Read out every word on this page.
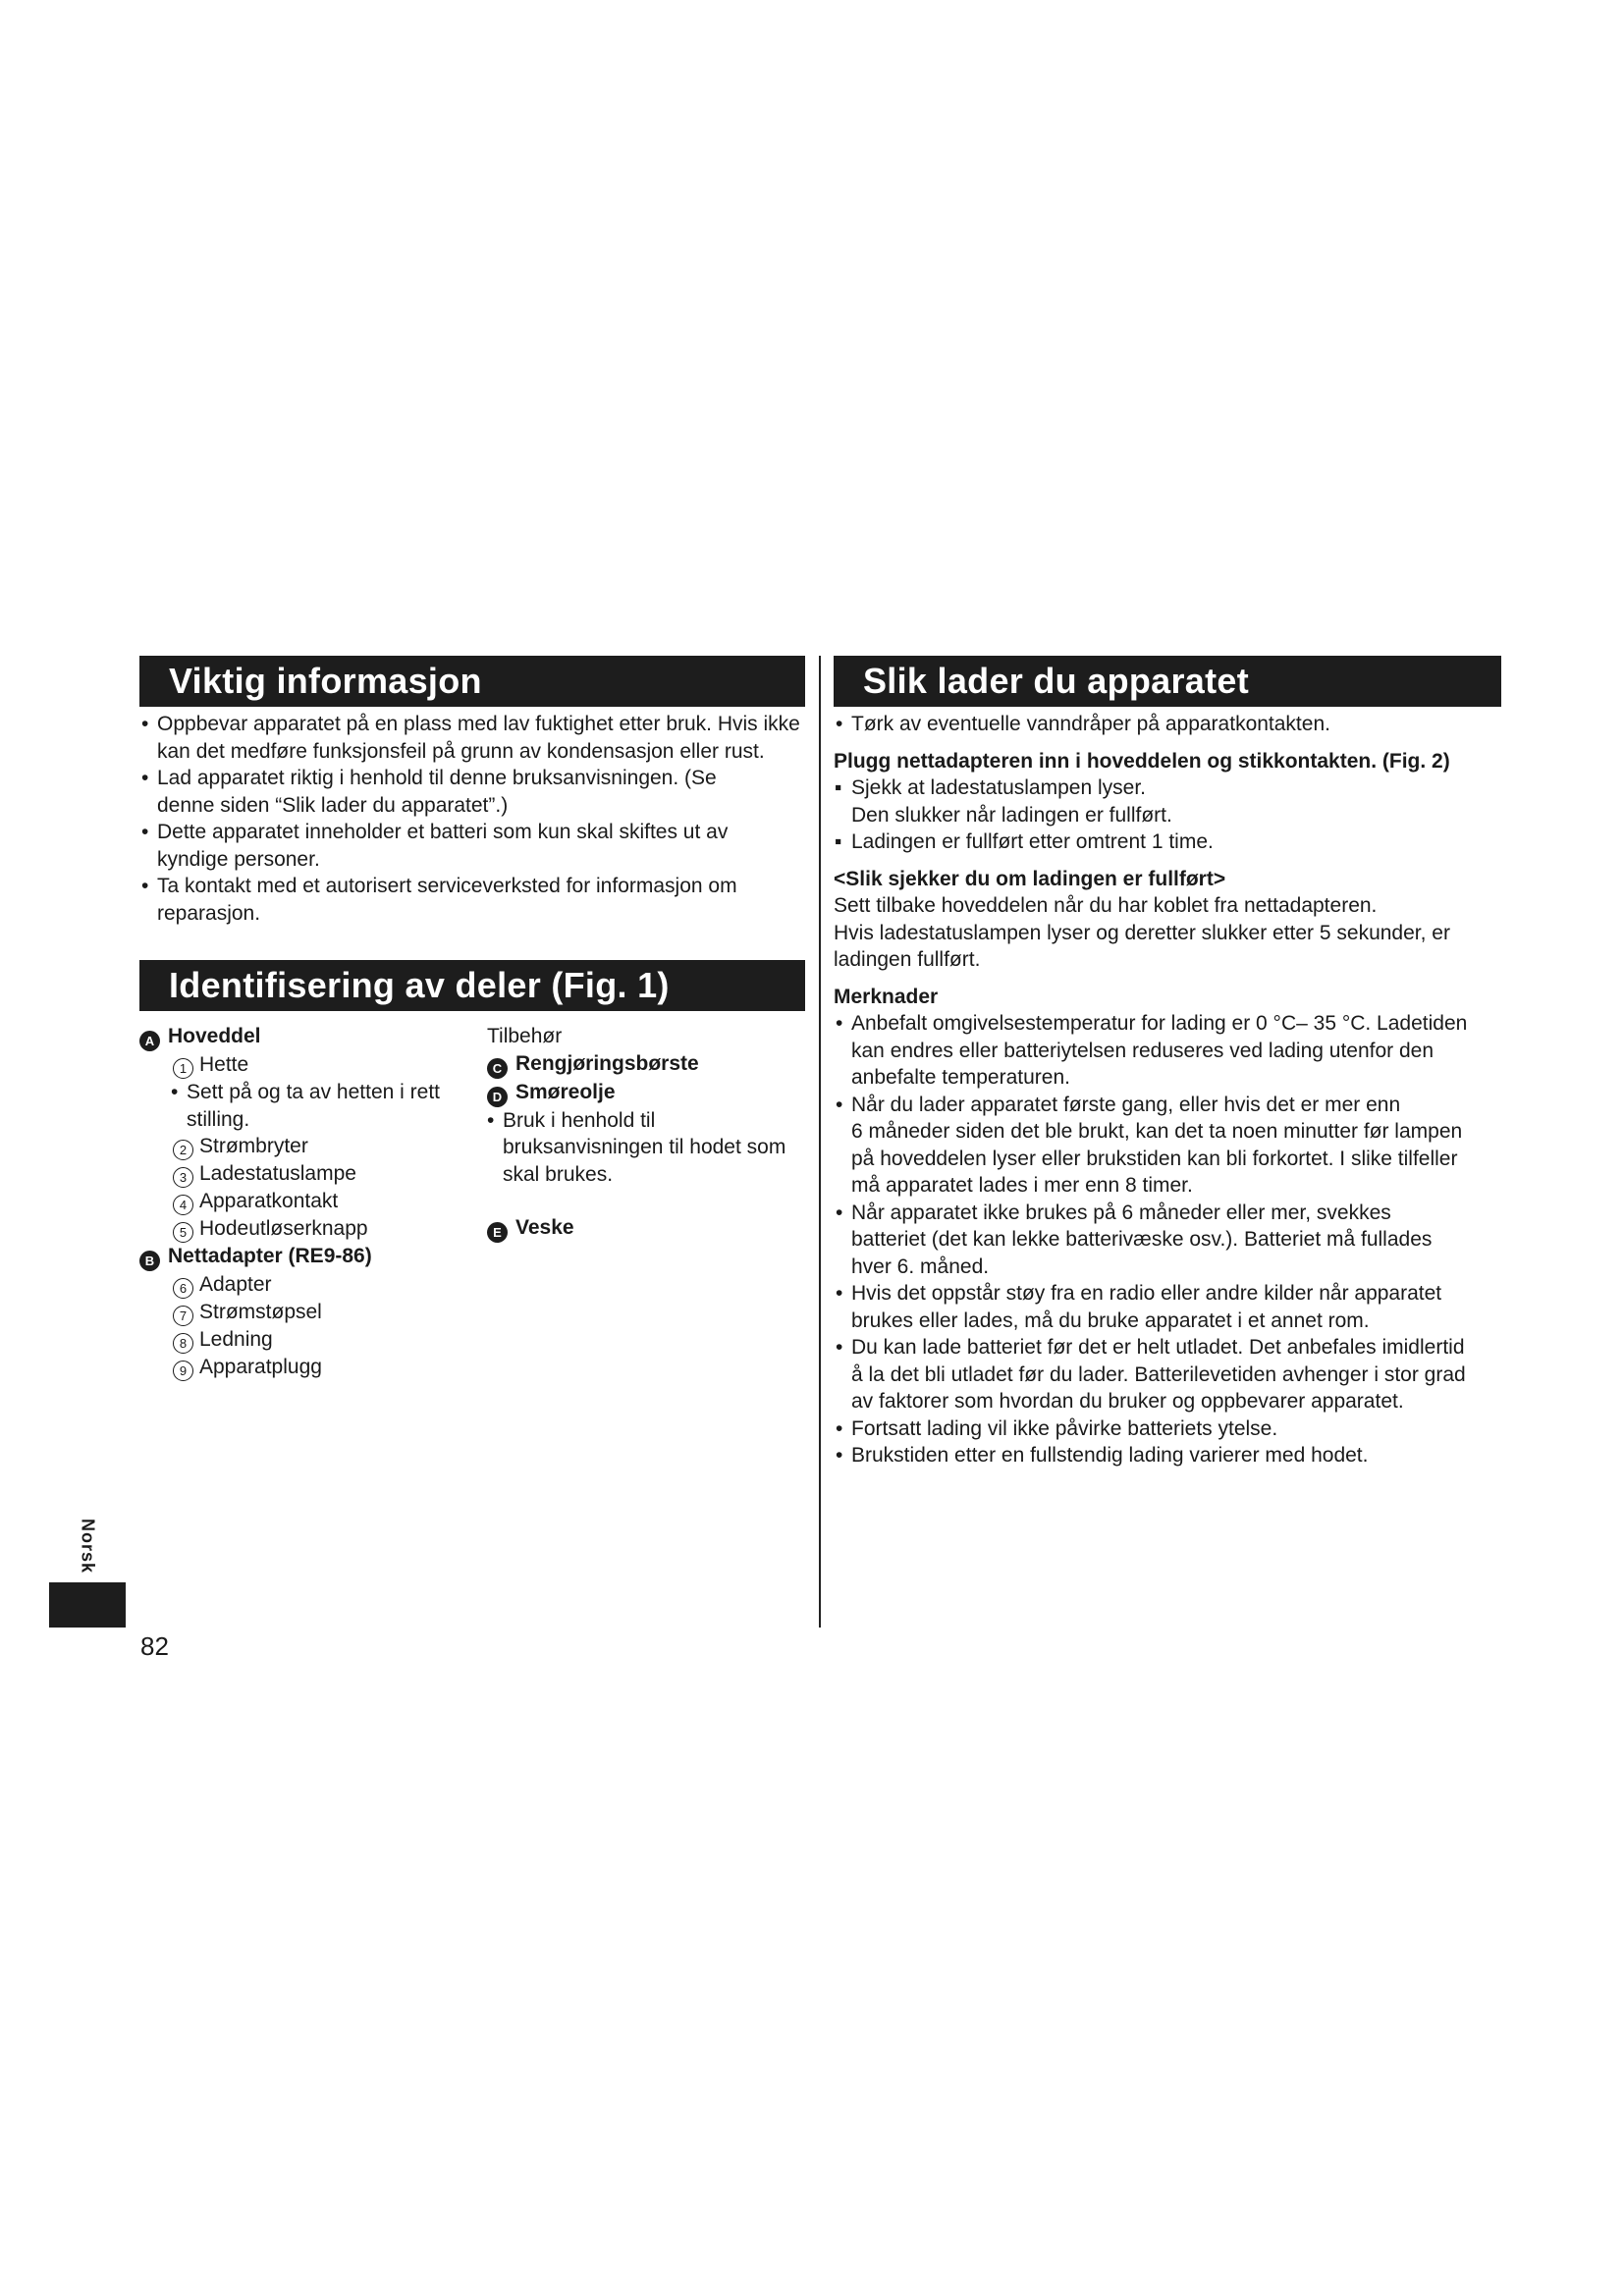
Viktig informasjon
• Oppbevar apparatet på en plass med lav fuktighet etter bruk. Hvis ikke
kan det medføre funksjonsfeil på grunn av kondensasjon eller rust.
• Lad apparatet riktig i henhold til denne bruksanvisningen. (Se
denne siden “Slik lader du apparatet”.)
• Dette apparatet inneholder et batteri som kun skal skiftes ut av
kyndige personer.
• Ta kontakt med et autorisert serviceverksted for informasjon om
reparasjon.
Identifisering av deler (Fig. 1)
A Hoveddel
1 Hette
• Sett på og ta av hetten i rett
stilling.
2 Strømbryter
3 Ladestatuslampe
4 Apparatkontakt
5 Hodeutløserknapp
B Nettadapter (RE9-86)
6 Adapter
7 Strømstøpsel
8 Ledning
9 Apparatplugg
Tilbehør
C Rengjøringsbørste
D Smøreolje
• Bruk i henhold til
bruksanvisningen til hodet som
skal brukes.
E Veske
Slik lader du apparatet
• Tørk av eventuelle vanndråper på apparatkontakten.

Plugg nettadapteren inn i hoveddelen og stikkontakten. (Fig. 2)

▪ Sjekk at ladestatuslampen lyser.
Den slukker når ladingen er fullført.
▪ Ladingen er fullført etter omtrent 1 time.

<Slik sjekker du om ladingen er fullført>

Sett tilbake hoveddelen når du har koblet fra nettadapteren.

Hvis ladestatuslampen lyser og deretter slukker etter 5 sekunder, er

ladingen fullført.

Merknader

• Anbefalt omgivelsestemperatur for lading er 0 °C– 35 °C. Ladetiden
kan endres eller batteriytelsen reduseres ved lading utenfor den
anbefalte temperaturen.
• Når du lader apparatet første gang, eller hvis det er mer enn
6 måneder siden det ble brukt, kan det ta noen minutter før lampen
på hoveddelen lyser eller brukstiden kan bli forkortet. I slike tilfeller
må apparatet lades i mer enn 8 timer.
• Når apparatet ikke brukes på 6 måneder eller mer, svekkes
batteriet (det kan lekke batterivæske osv.). Batteriet må fullades
hver 6. måned.
• Hvis det oppstår støy fra en radio eller andre kilder når apparatet
brukes eller lades, må du bruke apparatet i et annet rom.
• Du kan lade batteriet før det er helt utladet. Det anbefales imidlertid
å la det bli utladet før du lader. Batterilevetiden avhenger i stor grad
av faktorer som hvordan du bruker og oppbevarer apparatet.
• Fortsatt lading vil ikke påvirke batteriets ytelse.
• Brukstiden etter en fullstendig lading varierer med hodet.
Norsk
82
